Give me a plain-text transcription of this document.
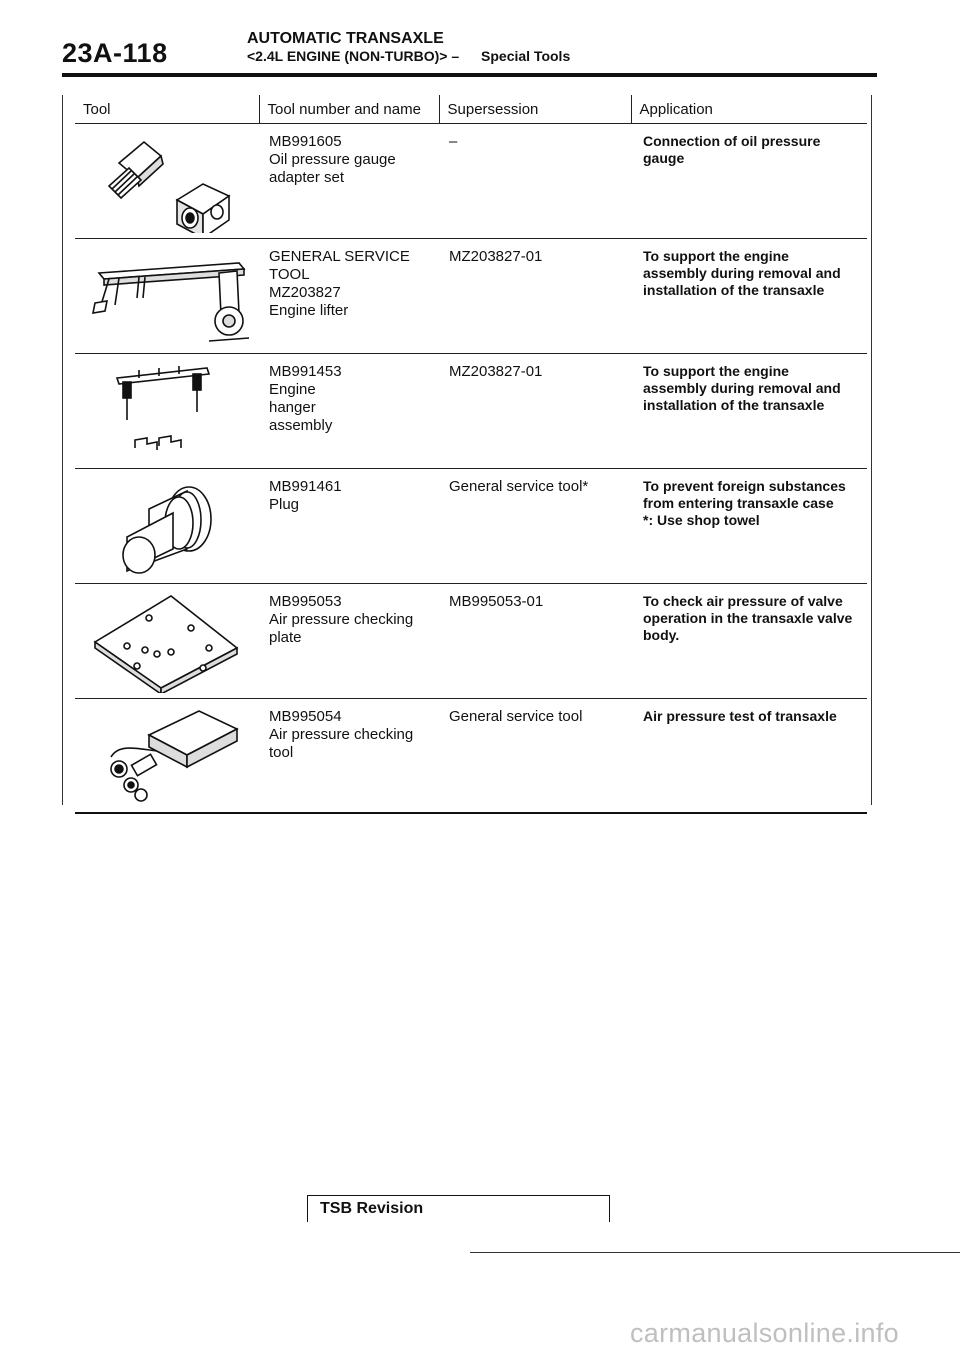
23A-118	AUTOMATIC TRANSAXLE
<2.4L ENGINE (NON-TURBO)> – Special Tools
Tool	Tool number and name	Supersession	Application

MB991605
Oil pressure gauge
adapter set	–	Connection of oil pressure
gauge

GENERAL SERVICE
TOOL
MZ203827
Engine lifter	MZ203827-01	To support the engine
assembly during removal and
installation of the transaxle

MB991453
Engine
hanger
assembly	MZ203827-01	To support the engine
assembly during removal and
installation of the transaxle

MB991461
Plug	General service tool*	To prevent foreign substances
from entering transaxle case
*: Use shop towel

MB995053
Air pressure checking
plate	MB995053-01	To check air pressure of valve
operation in the transaxle valve
body.

MB995054
Air pressure checking
tool	General service tool	Air pressure test of transaxle
TSB Revision
carmanualsonline.info
